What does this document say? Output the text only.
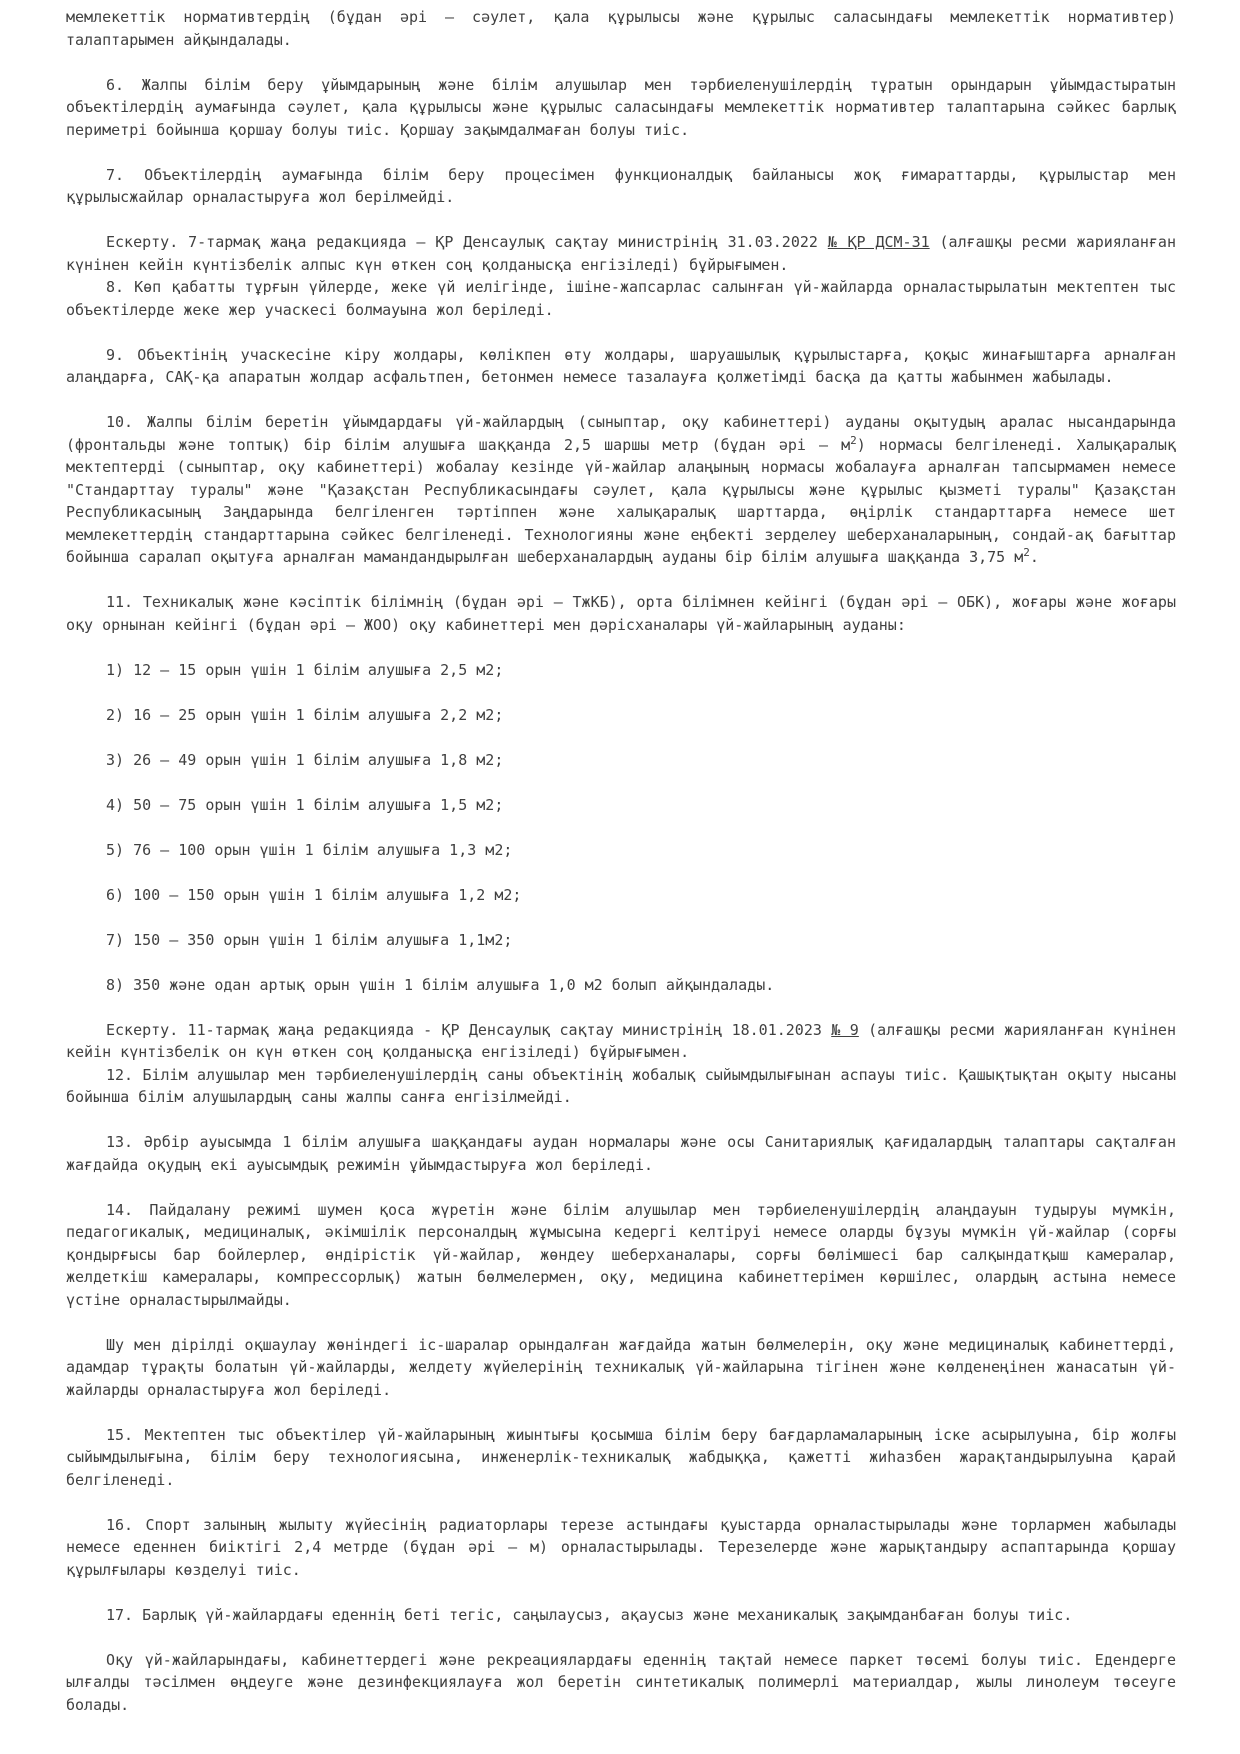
мемлекеттік нормативтердің (бұдан әрі – сәулет, қала құрылысы және құрылыс саласындағы мемлекеттік нормативтер) талаптарымен айқындалады.

6. Жалпы білім беру ұйымдарының және білім алушылар мен тәрбиеленушілердің тұратын орындарын ұйымдастыратын объектілердің аумағында сәулет, қала құрылысы және құрылыс саласындағы мемлекеттік нормативтер талаптарына сәйкес барлық периметрі бойынша қоршау болуы тиіс. Қоршау зақымдалмаған болуы тиіс.

7. Объектілердің аумағында білім беру процесімен функционалдық байланысы жоқ ғимараттарды, құрылыстар мен құрылысжайлар орналастыруға жол берілмейді.

Ескерту. 7-тармақ жаңа редакцияда – ҚР Денсаулық сақтау министрінің 31.03.2022 № ҚР ДСМ-31 (алғашқы ресми жарияланған күнінен кейін күнтізбелік алпыс күн өткен соң қолданысқа енгізіледі) бұйрығымен.

8. Көп қабатты тұрғын үйлерде, жеке үй иелігінде, ішіне-жапсарлас салынған үй-жайларда орналастырылатын мектептен тыс объектілерде жеке жер учаскесі болмауына жол беріледі.

9. Объектінің учаскесіне кіру жолдары, көлікпен өту жолдары, шаруашылық құрылыстарға, қоқыс жинағыштарға арналған алаңдарға, САҚ-қа апаратын жолдар асфальтпен, бетонмен немесе тазалауға қолжетімді басқа да қатты жабынмен жабылады.

10. Жалпы білім беретін ұйымдардағы үй-жайлардың (сыныптар, оқу кабинеттері) ауданы оқытудың аралас нысандарында (фронтальды және топтық) бір білім алушыға шаққанда 2,5 шаршы метр (бұдан әрі – $м^2$) нормасы белгіленеді. Халықаралық мектептерді (сыныптар, оқу кабинеттері) жобалау кезінде үй-жайлар алаңының нормасы жобалауға арналған тапсырмамен немесе "Стандарттау туралы" және "Қазақстан Республикасындағы сәулет, қала құрылысы және құрылыс қызметі туралы" Қазақстан Республикасының Заңдарында белгіленген тәртіппен және халықаралық шарттарда, өңірлік стандарттарға немесе шет мемлекеттердің стандарттарына сәйкес белгіленеді. Технологияны және еңбекті зерделеу шеберханаларының, сондай-ақ бағыттар бойынша саралап оқытуға арналған мамандандырылған шеберханалардың ауданы бір білім алушыға шаққанда 3,75 $м^2$.

11. Техникалық және кәсіптік білімнің (бұдан әрі – ТжКБ), орта білімнен кейінгі (бұдан әрі – ОБК), жоғары және жоғары оқу орнынан кейінгі (бұдан әрі – ЖОО) оқу кабинеттері мен дәрісханалары үй-жайларының ауданы:

1) 12 – 15 орын үшін 1 білім алушыға 2,5 м2;

2) 16 – 25 орын үшін 1 білім алушыға 2,2 м2;

3) 26 – 49 орын үшін 1 білім алушыға 1,8 м2;

4) 50 – 75 орын үшін 1 білім алушыға 1,5 м2;

5) 76 – 100 орын үшін 1 білім алушыға 1,3 м2;

6) 100 – 150 орын үшін 1 білім алушыға 1,2 м2;

7) 150 – 350 орын үшін 1 білім алушыға 1,1м2;

8) 350 және одан артық орын үшін 1 білім алушыға 1,0 м2 болып айқындалады.

Ескерту. 11-тармақ жаңа редакцияда - ҚР Денсаулық сақтау министрінің 18.01.2023 № 9 (алғашқы ресми жарияланған күнінен кейін күнтізбелік он күн өткен соң қолданысқа енгізіледі) бұйрығымен.

12. Білім алушылар мен тәрбиеленушілердің саны объектінің жобалық сыйымдылығынан аспауы тиіс. Қашықтықтан оқыту нысаны бойынша білім алушылардың саны жалпы санға енгізілмейді.

13. Әрбір ауысымда 1 білім алушыға шаққандағы аудан нормалары және осы Санитариялық қағидалардың талаптары сақталған жағдайда оқудың екі ауысымдық режимін ұйымдастыруға жол беріледі.

14. Пайдалану режимі шумен қоса жүретін және білім алушылар мен тәрбиеленушілердің алаңдауын тудыруы мүмкін, педагогикалық, медициналық, әкімшілік персоналдың жұмысына кедергі келтіруі немесе оларды бұзуы мүмкін үй-жайлар (сорғы қондырғысы бар бойлерлер, өндірістік үй-жайлар, жөндеу шеберханалары, сорғы бөлімшесі бар салқындатқыш камералар, желдеткіш камералары, компрессорлық) жатын бөлмелермен, оқу, медицина кабинеттерімен көршілес, олардың астына немесе үстіне орналастырылмайды.

Шу мен дірілді оқшаулау жөніндегі іс-шаралар орындалған жағдайда жатын бөлмелерін, оқу және медициналық кабинеттерді, адамдар тұрақты болатын үй-жайларды, желдету жүйелерінің техникалық үй-жайларына тігінен және көлденеңінен жанасатын үй-жайларды орналастыруға жол беріледі.

15. Мектептен тыс объектілер үй-жайларының жиынтығы қосымша білім беру бағдарламаларының іске асырылуына, бір жолғы сыйымдылығына, білім беру технологиясына, инженерлік-техникалық жабдыққа, қажетті жиһазбен жарақтандырылуына қарай белгіленеді.

16. Спорт залының жылыту жүйесінің радиаторлары терезе астындағы қуыстарда орналастырылады және торлармен жабылады немесе еденнен биіктігі 2,4 метрде (бұдан әрі – м) орналастырылады. Терезелерде және жарықтандыру аспаптарында қоршау құрылғылары көзделуі тиіс.

17. Барлық үй-жайлардағы еденнің беті тегіс, саңылаусыз, ақаусыз және механикалық зақымданбаған болуы тиіс.

Оқу үй-жайларындағы, кабинеттердегі және рекреациялардағы еденнің тақтай немесе паркет төсемі болуы тиіс. Едендерге ылғалды тәсілмен өңдеуге және дезинфекциялауға жол беретін синтетикалық полимерлі материалдар, жылы линолеум төсеуге болады.
